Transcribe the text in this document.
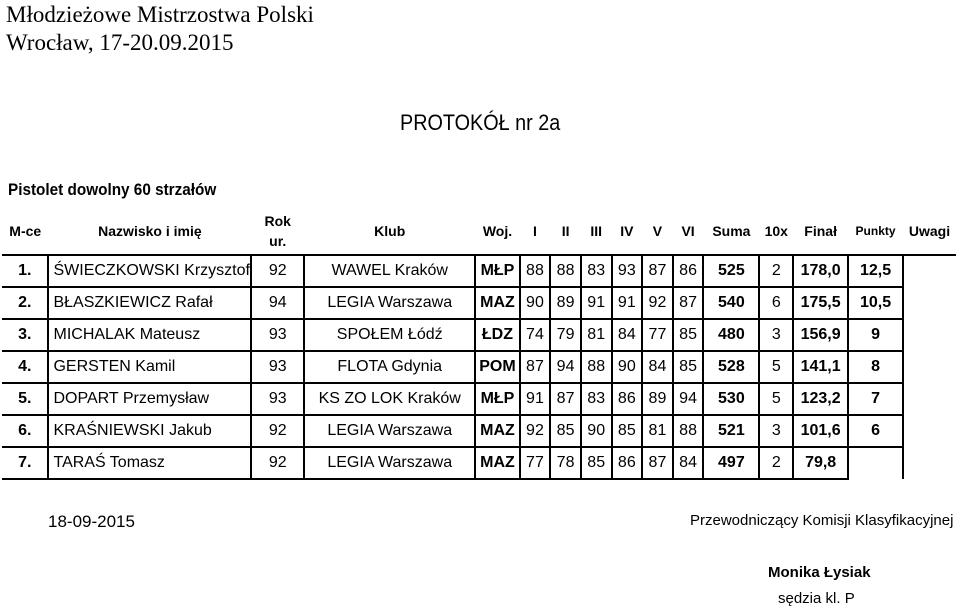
Młodzieżowe Mistrzostwa Polski
Wrocław, 17-20.09.2015
PROTOKÓŁ nr 2a
Pistolet dowolny 60 strzałów
M-ce	Nazwisko i imię	Rok ur.	Klub	Woj.	I	II	III	IV	V	VI	Suma	10x	Finał	Punkty	Uwagi
1.	ŚWIECZKOWSKI Krzysztof	92	WAWEL Kraków	MŁP	88	88	83	93	87	86	525	2	178,0	12,5	
2.	BŁASZKIEWICZ Rafał	94	LEGIA Warszawa	MAZ	90	89	91	91	92	87	540	6	175,5	10,5	
3.	MICHALAK Mateusz	93	SPOŁEM Łódź	ŁDZ	74	79	81	84	77	85	480	3	156,9	9	
4.	GERSTEN Kamil	93	FLOTA Gdynia	POM	87	94	88	90	84	85	528	5	141,1	8	
5.	DOPART Przemysław	93	KS ZO LOK Kraków	MŁP	91	87	83	86	89	94	530	5	123,2	7	
6.	KRAŚNIEWSKI Jakub	92	LEGIA Warszawa	MAZ	92	85	90	85	81	88	521	3	101,6	6	
7.	TARAŚ Tomasz	92	LEGIA Warszawa	MAZ	77	78	85	86	87	84	497	2	79,8		
18-09-2015	Przewodniczący Komisji Klasyfikacyjnej
Monika Łysiak
sędzia kl. P
